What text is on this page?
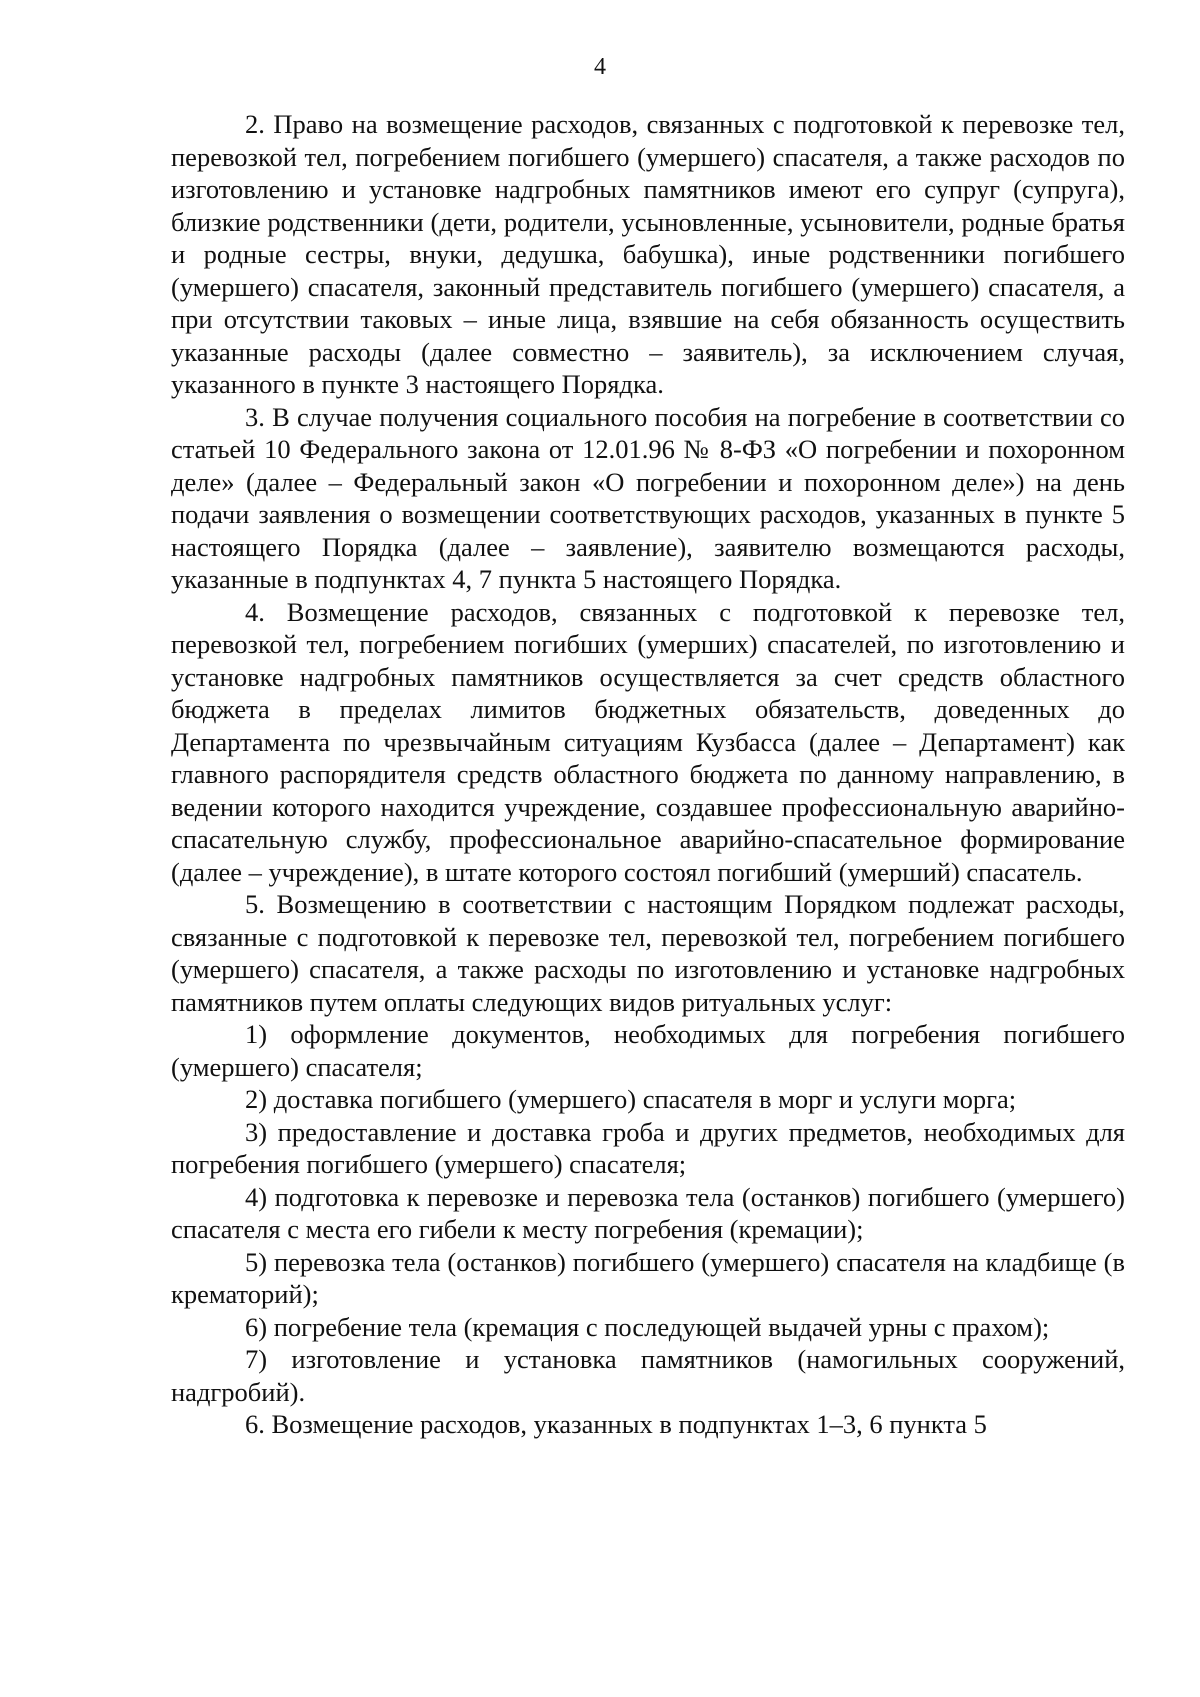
4

2. Право на возмещение расходов, связанных с подготовкой к перевозке тел, перевозкой тел, погребением погибшего (умершего) спасателя, а также расходов по изготовлению и установке надгробных памятников имеют его супруг (супруга), близкие родственники (дети, родители, усыновленные, усыновители, родные братья и родные сестры, внуки, дедушка, бабушка), иные родственники погибшего (умершего) спасателя, законный представитель погибшего (умершего) спасателя, а при отсутствии таковых – иные лица, взявшие на себя обязанность осуществить указанные расходы (далее совместно – заявитель), за исключением случая, указанного в пункте 3 настоящего Порядка.

3. В случае получения социального пособия на погребение в соответствии со статьей 10 Федерального закона от 12.01.96 № 8-ФЗ «О погребении и похоронном деле» (далее – Федеральный закон «О погребении и похоронном деле») на день подачи заявления о возмещении соответствующих расходов, указанных в пункте 5 настоящего Порядка (далее – заявление), заявителю возмещаются расходы, указанные в подпунктах 4, 7 пункта 5 настоящего Порядка.

4. Возмещение расходов, связанных с подготовкой к перевозке тел, перевозкой тел, погребением погибших (умерших) спасателей, по изготовлению и установке надгробных памятников осуществляется за счет средств областного бюджета в пределах лимитов бюджетных обязательств, доведенных до Департамента по чрезвычайным ситуациям Кузбасса (далее – Департамент) как главного распорядителя средств областного бюджета по данному направлению, в ведении которого находится учреждение, создавшее профессиональную аварийно-спасательную службу, профессиональное аварийно-спасательное формирование (далее – учреждение), в штате которого состоял погибший (умерший) спасатель.

5. Возмещению в соответствии с настоящим Порядком подлежат расходы, связанные с подготовкой к перевозке тел, перевозкой тел, погребением погибшего (умершего) спасателя, а также расходы по изготовлению и установке надгробных памятников путем оплаты следующих видов ритуальных услуг:

1) оформление документов, необходимых для погребения погибшего (умершего) спасателя;

2) доставка погибшего (умершего) спасателя в морг и услуги морга;

3) предоставление и доставка гроба и других предметов, необходимых для погребения погибшего (умершего) спасателя;

4) подготовка к перевозке и перевозка тела (останков) погибшего (умершего) спасателя с места его гибели к месту погребения (кремации);

5) перевозка тела (останков) погибшего (умершего) спасателя на кладбище (в крематорий);

6) погребение тела (кремация с последующей выдачей урны с прахом);

7) изготовление и установка памятников (намогильных сооружений, надгробий).

6. Возмещение расходов, указанных в подпунктах 1–3, 6 пункта 5
